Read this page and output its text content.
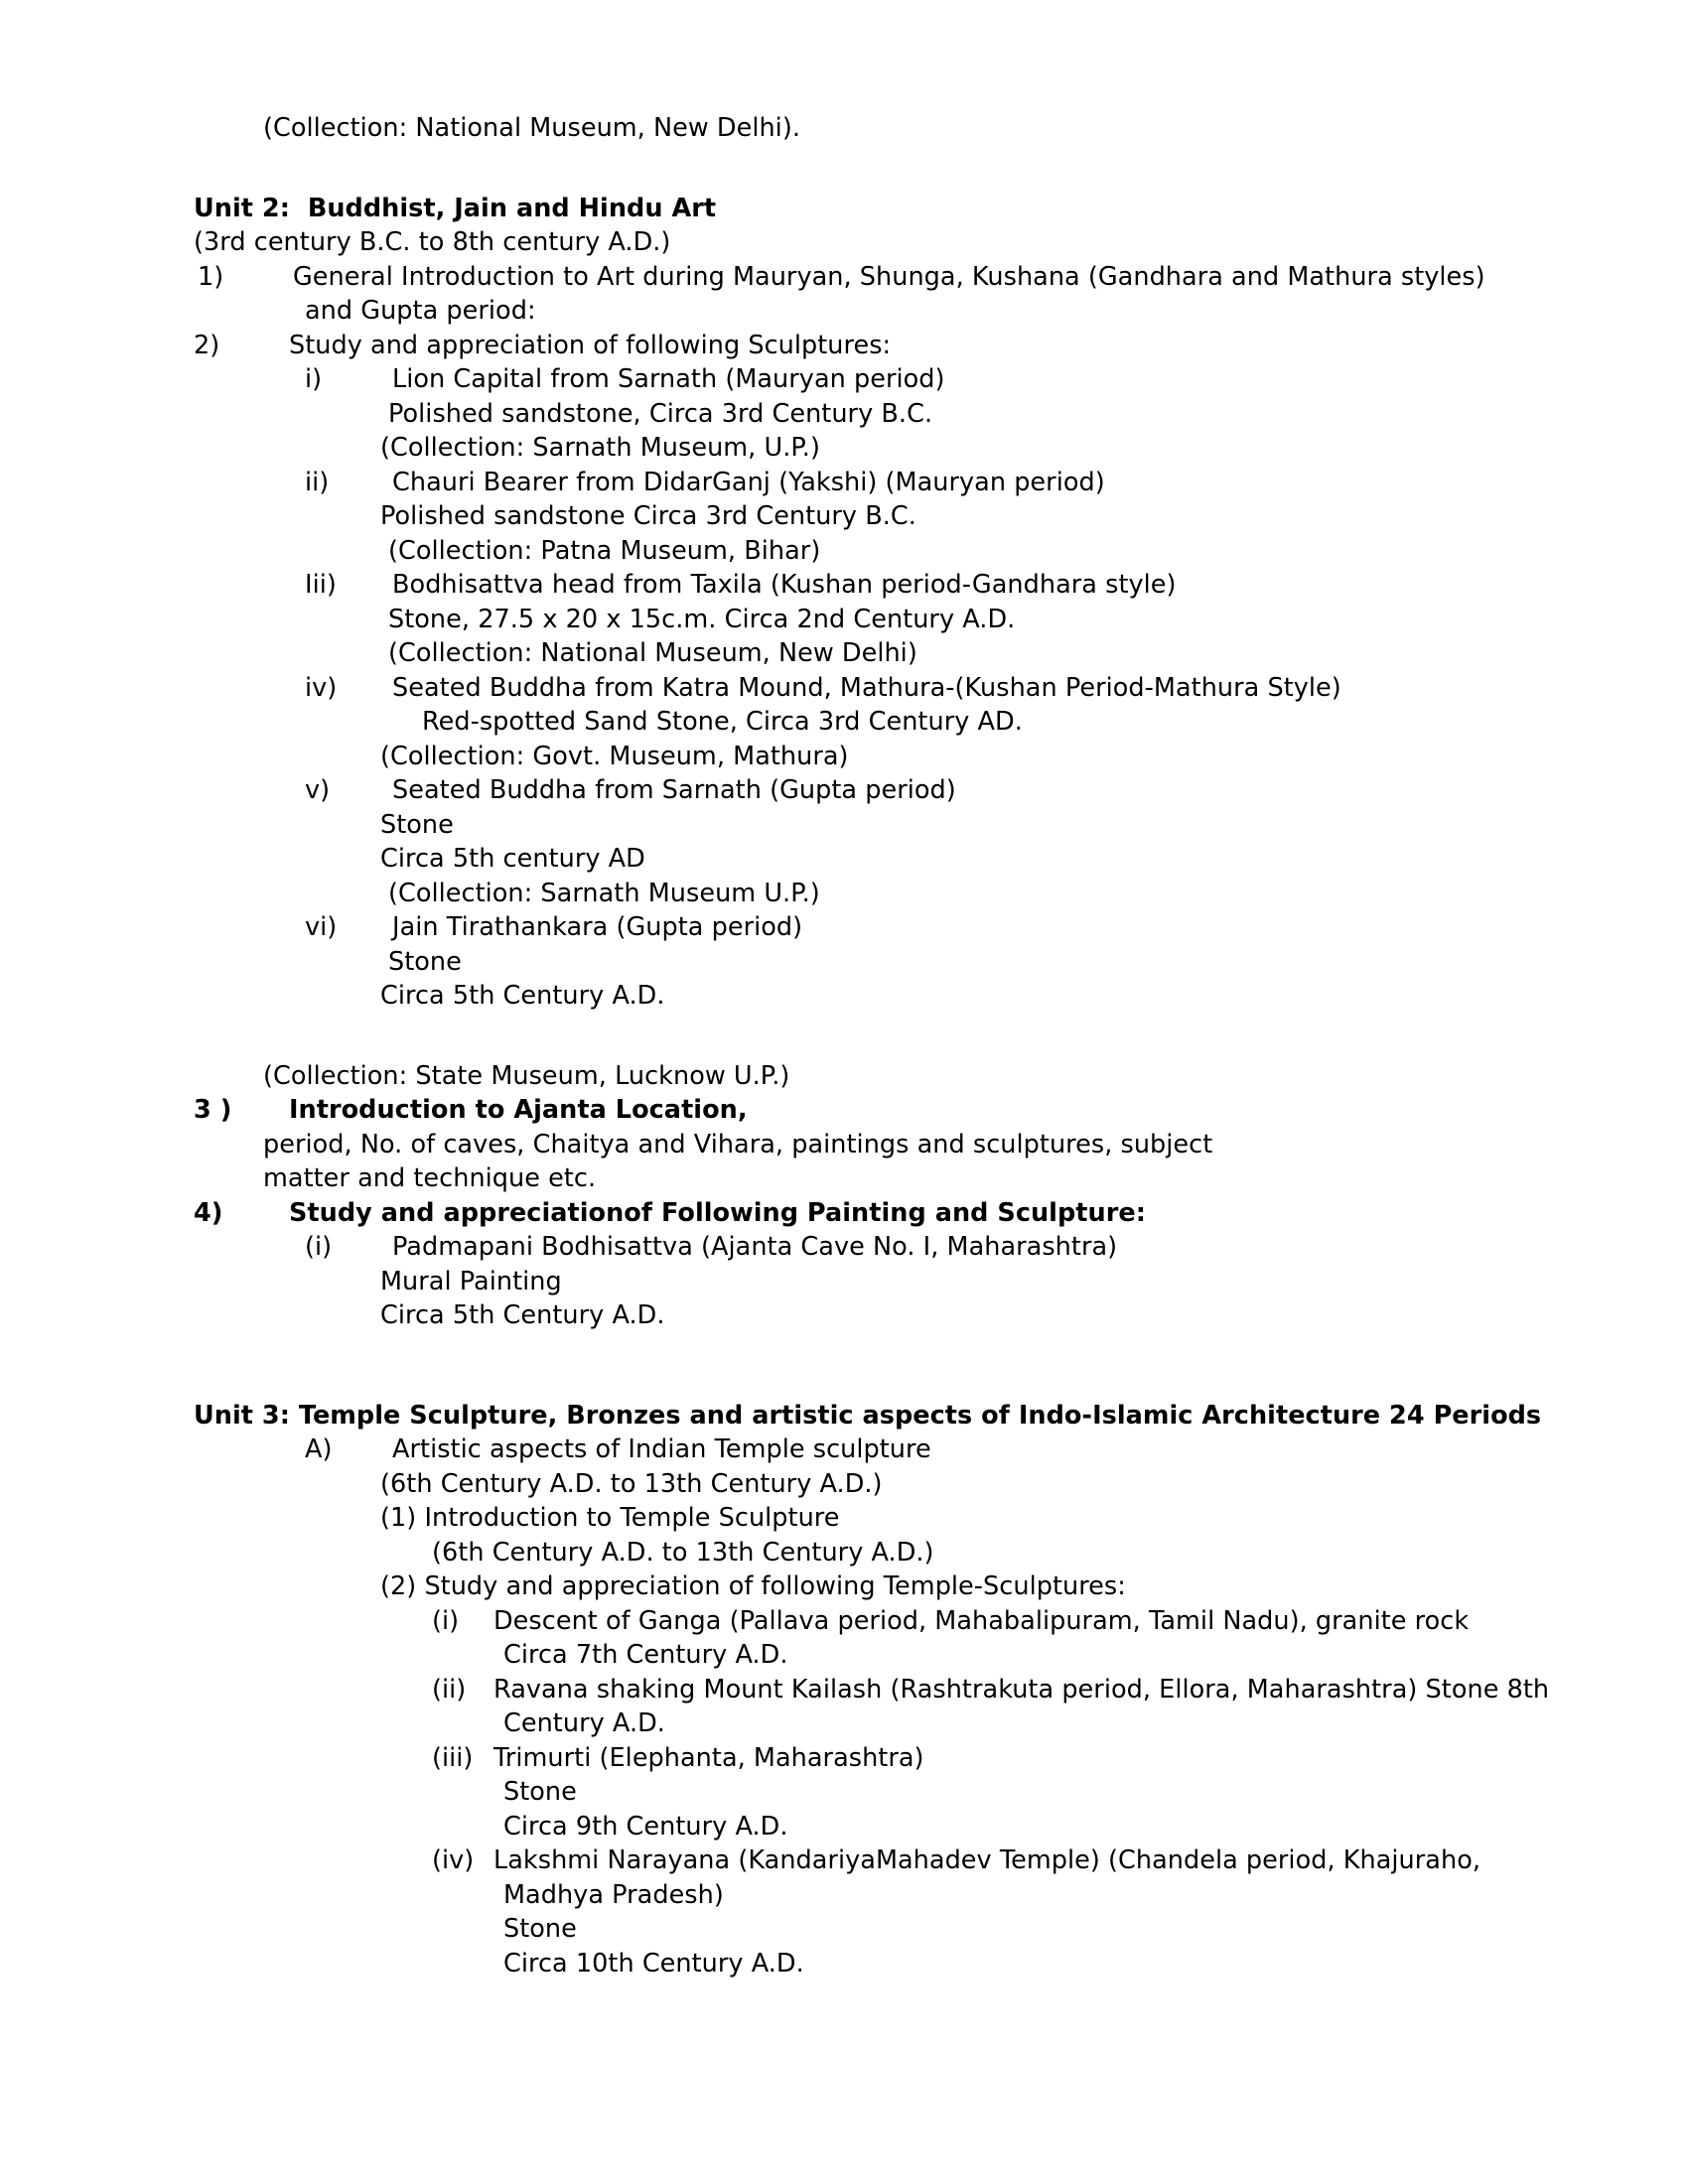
(Collection: National Museum, New Delhi).
Unit 2: Buddhist, Jain and Hindu Art
(3rd century B.C. to 8th century A.D.)
1)	General Introduction to Art during Mauryan, Shunga, Kushana (Gandhara and Mathura styles)
and Gupta period:
2)	Study and appreciation of following Sculptures:
i)	Lion Capital from Sarnath (Mauryan period)
Polished sandstone, Circa 3rd Century B.C.
(Collection: Sarnath Museum, U.P.)
ii) Chauri Bearer from DidarGanj (Yakshi) (Mauryan period)
Polished sandstone Circa 3rd Century B.C.
(Collection: Patna Museum, Bihar)
Iii) Bodhisattva head from Taxila (Kushan period-Gandhara style)
Stone, 27.5 x 20 x 15c.m. Circa 2nd Century A.D.
(Collection: National Museum, New Delhi)
iv) Seated Buddha from Katra Mound, Mathura-(Kushan Period-Mathura Style)
Red-spotted Sand Stone, Circa 3rd Century AD.
(Collection: Govt. Museum, Mathura)
v) Seated Buddha from Sarnath (Gupta period)
Stone
Circa 5th century AD
(Collection: Sarnath Museum U.P.)
vi) Jain Tirathankara (Gupta period)
Stone
Circa 5th Century A.D.
(Collection: State Museum, Lucknow U.P.)
3 ) Introduction to Ajanta Location,
period, No. of caves, Chaitya and Vihara, paintings and sculptures, subject
matter and technique etc.
4)	Study and appreciationof Following Painting and Sculpture:
(i) Padmapani Bodhisattva (Ajanta Cave No. I, Maharashtra)
Mural Painting
Circa 5th Century A.D.
Unit 3: Temple Sculpture, Bronzes and artistic aspects of Indo-Islamic Architecture 24 Periods
A) Artistic aspects of Indian Temple sculpture
(6th Century A.D. to 13th Century A.D.)
(1) Introduction to Temple Sculpture
(6th Century A.D. to 13th Century A.D.)
(2) Study and appreciation of following Temple-Sculptures:
(i) Descent of Ganga (Pallava period, Mahabalipuram, Tamil Nadu), granite rock
Circa 7th Century A.D.
(ii) Ravana shaking Mount Kailash (Rashtrakuta period, Ellora, Maharashtra) Stone 8th
Century A.D.
(iii) Trimurti (Elephanta, Maharashtra)
Stone
Circa 9th Century A.D.
(iv) Lakshmi Narayana (KandariyaMahadev Temple) (Chandela period, Khajuraho,
Madhya Pradesh)
Stone
Circa 10th Century A.D.
